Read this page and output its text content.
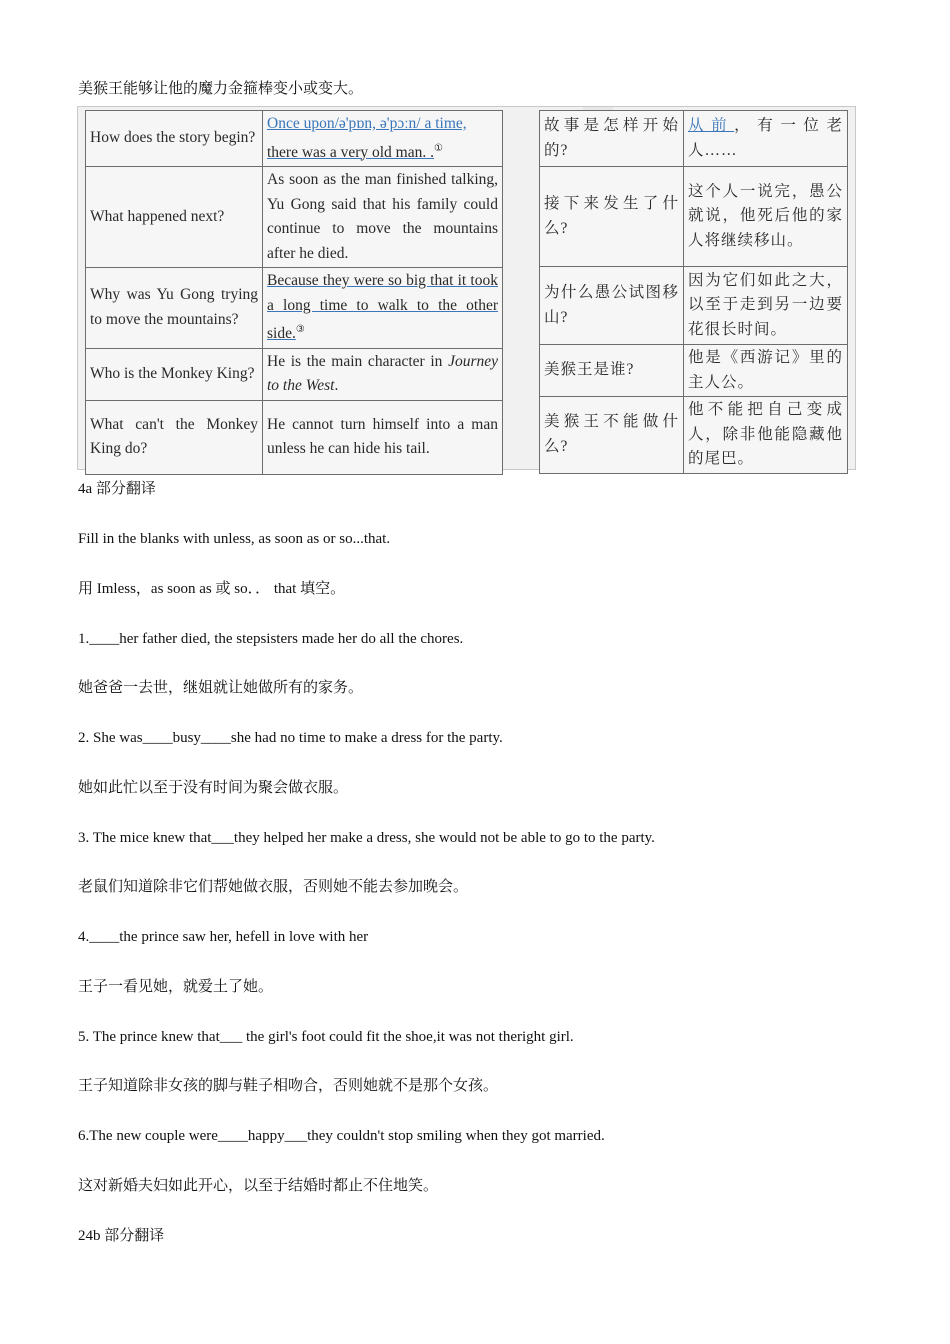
美猴王能够让他的魔力金箍棒变小或变大。
How does the story begin?	Once upon/ə'pɒn, ə'pɔːn/ a time,
there was a very old man. .①
What happened next?	As soon as the man finished talking, Yu Gong said that his family could continue to move the mountains after he died.
Why was Yu Gong trying to move the mountains?	Because they were so big that it took a long time to walk to the other side.③
Who is the Monkey King?	He is the main character in Journey to the West.
What can't the Monkey King do?	He cannot turn himself into a man unless he can hide his tail.
故事是怎样开始的?	从前，有一位老人……
接下来发生了什么?	这个人一说完，愚公就说，他死后他的家人将继续移山。
为什么愚公试图移山?	因为它们如此之大，以至于走到另一边要花很长时间。
美猴王是谁?	他是《西游记》里的主人公。
美猴王不能做什么?	他不能把自己变成人，除非他能隐藏他的尾巴。
4a 部分翻译
Fill in the blanks with unless, as soon as or so...that.
用 Imless，as soon as 或 so．． that 填空。
1.____her father died, the stepsisters made her do all the chores.
她爸爸一去世，继姐就让她做所有的家务。
2. She was____busy____she had no time to make a dress for the party.
她如此忙以至于没有时间为聚会做衣服。
3. The mice knew that___they helped her make a dress, she would not be able to go to the party.
老鼠们知道除非它们帮她做衣服，否则她不能去参加晚会。
4.____the prince saw her, hefell in love with her
王子一看见她，就爱土了她。
5. The prince knew that___ the girl's foot could fit the shoe,it was not theright girl.
王子知道除非女孩的脚与鞋子相吻合，否则她就不是那个女孩。
6.The new couple were____happy___they couldn't stop smiling when they got married.
这对新婚夫妇如此开心，以至于结婚时都止不住地笑。
24b 部分翻译
